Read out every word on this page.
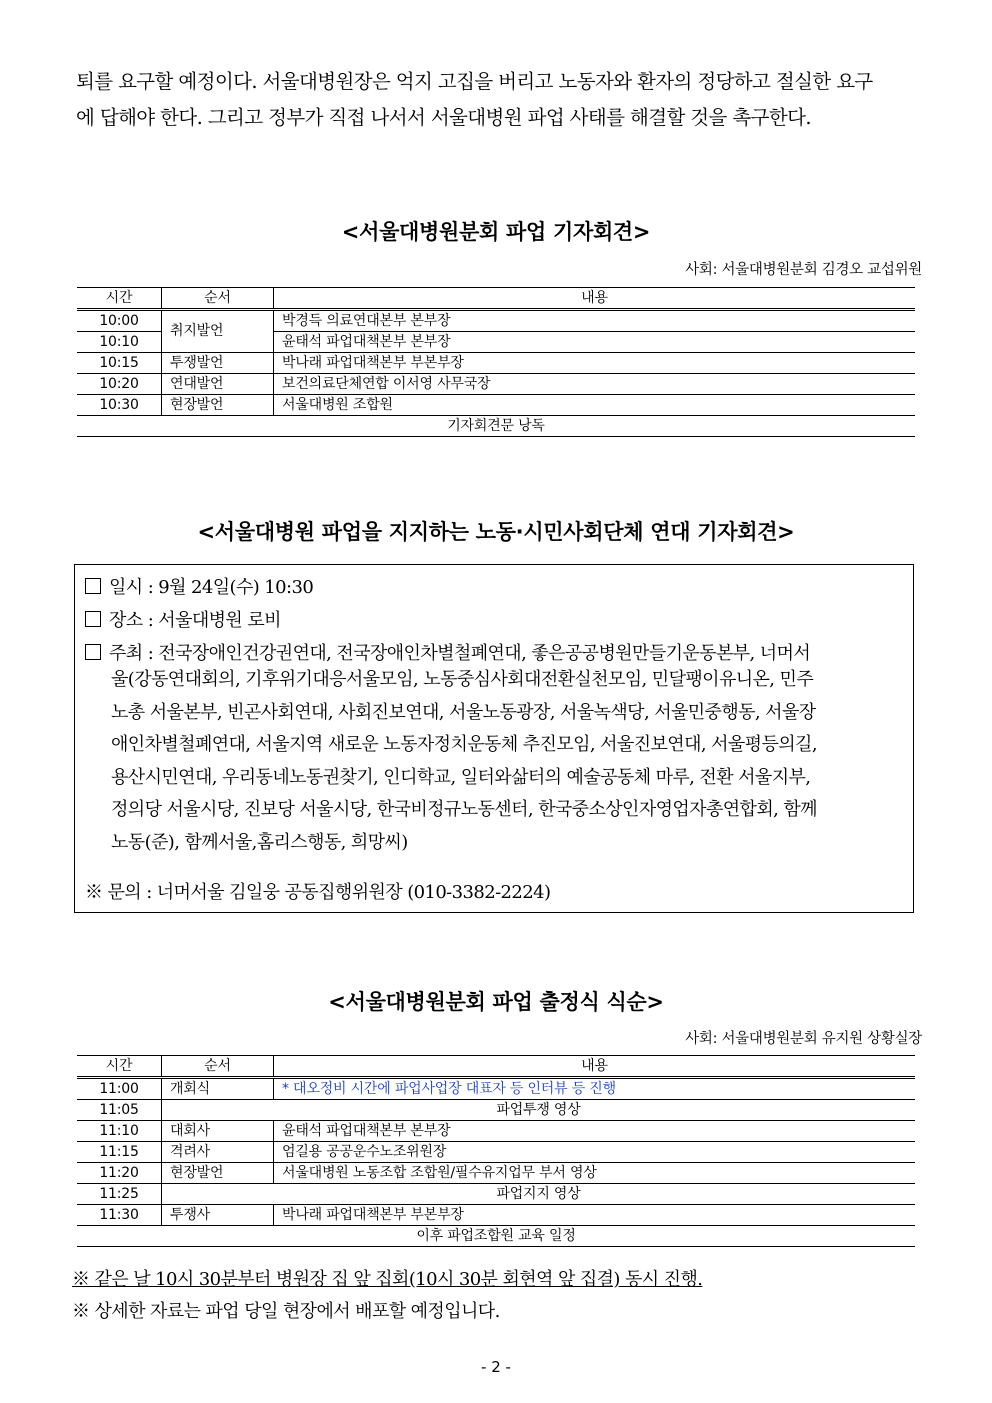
퇴를 요구할 예정이다. 서울대병원장은 억지 고집을 버리고 노동자와 환자의 정당하고 절실한 요구

에 답해야 한다. 그리고 정부가 직접 나서서 서울대병원 파업 사태를 해결할 것을 촉구한다.

<서울대병원분회 파업 기자회견>
사회: 서울대병원분회 김경오 교섭위원
시간	순서	내용
10:00	취지발언	박경득 의료연대본부 본부장
10:10		윤태석 파업대책본부 본부장
10:15	투쟁발언	박나래 파업대책본부 부본부장
10:20	연대발언	보건의료단체연합 이서영 사무국장
10:30	현장발언	서울대병원 조합원
기자회견문 낭독		
<서울대병원 파업을 지지하는 노동·시민사회단체 연대 기자회견>
일시 : 9월 24일(수) 10:30
장소 : 서울대병원 로비
주최 : 전국장애인건강권연대, 전국장애인차별철폐연대, 좋은공공병원만들기운동본부, 너머서
울(강동연대회의, 기후위기대응서울모임, 노동중심사회대전환실천모임, 민달팽이유니온, 민주
노총 서울본부, 빈곤사회연대, 사회진보연대, 서울노동광장, 서울녹색당, 서울민중행동, 서울장
애인차별철폐연대, 서울지역 새로운 노동자정치운동체 추진모임, 서울진보연대, 서울평등의길,
용산시민연대, 우리동네노동권찾기, 인디학교, 일터와삶터의 예술공동체 마루, 전환 서울지부,
정의당 서울시당, 진보당 서울시당, 한국비정규노동센터, 한국중소상인자영업자총연합회, 함께
노동(준), 함께서울,홈리스행동, 희망씨)
※ 문의 : 너머서울 김일웅 공동집행위원장 (010-3382-2224)
<서울대병원분회 파업 출정식 식순>
사회: 서울대병원분회 유지원 상황실장
시간	순서	내용
11:00	개회식	* 대오정비 시간에 파업사업장 대표자 등 인터뷰 등 진행
11:05	파업투쟁 영상	
11:10	대회사	윤태석 파업대책본부 본부장
11:15	격려사	엄길용 공공운수노조위원장
11:20	현장발언	서울대병원 노동조합 조합원/필수유지업무 부서 영상
11:25	파업지지 영상	
11:30	투쟁사	박나래 파업대책본부 부본부장
이후 파업조합원 교육 일정		
※ 같은 날 10시 30분부터 병원장 집 앞 집회(10시 30분 회현역 앞 집결) 동시 진행.
※ 상세한 자료는 파업 당일 현장에서 배포할 예정입니다.
- 2 -
